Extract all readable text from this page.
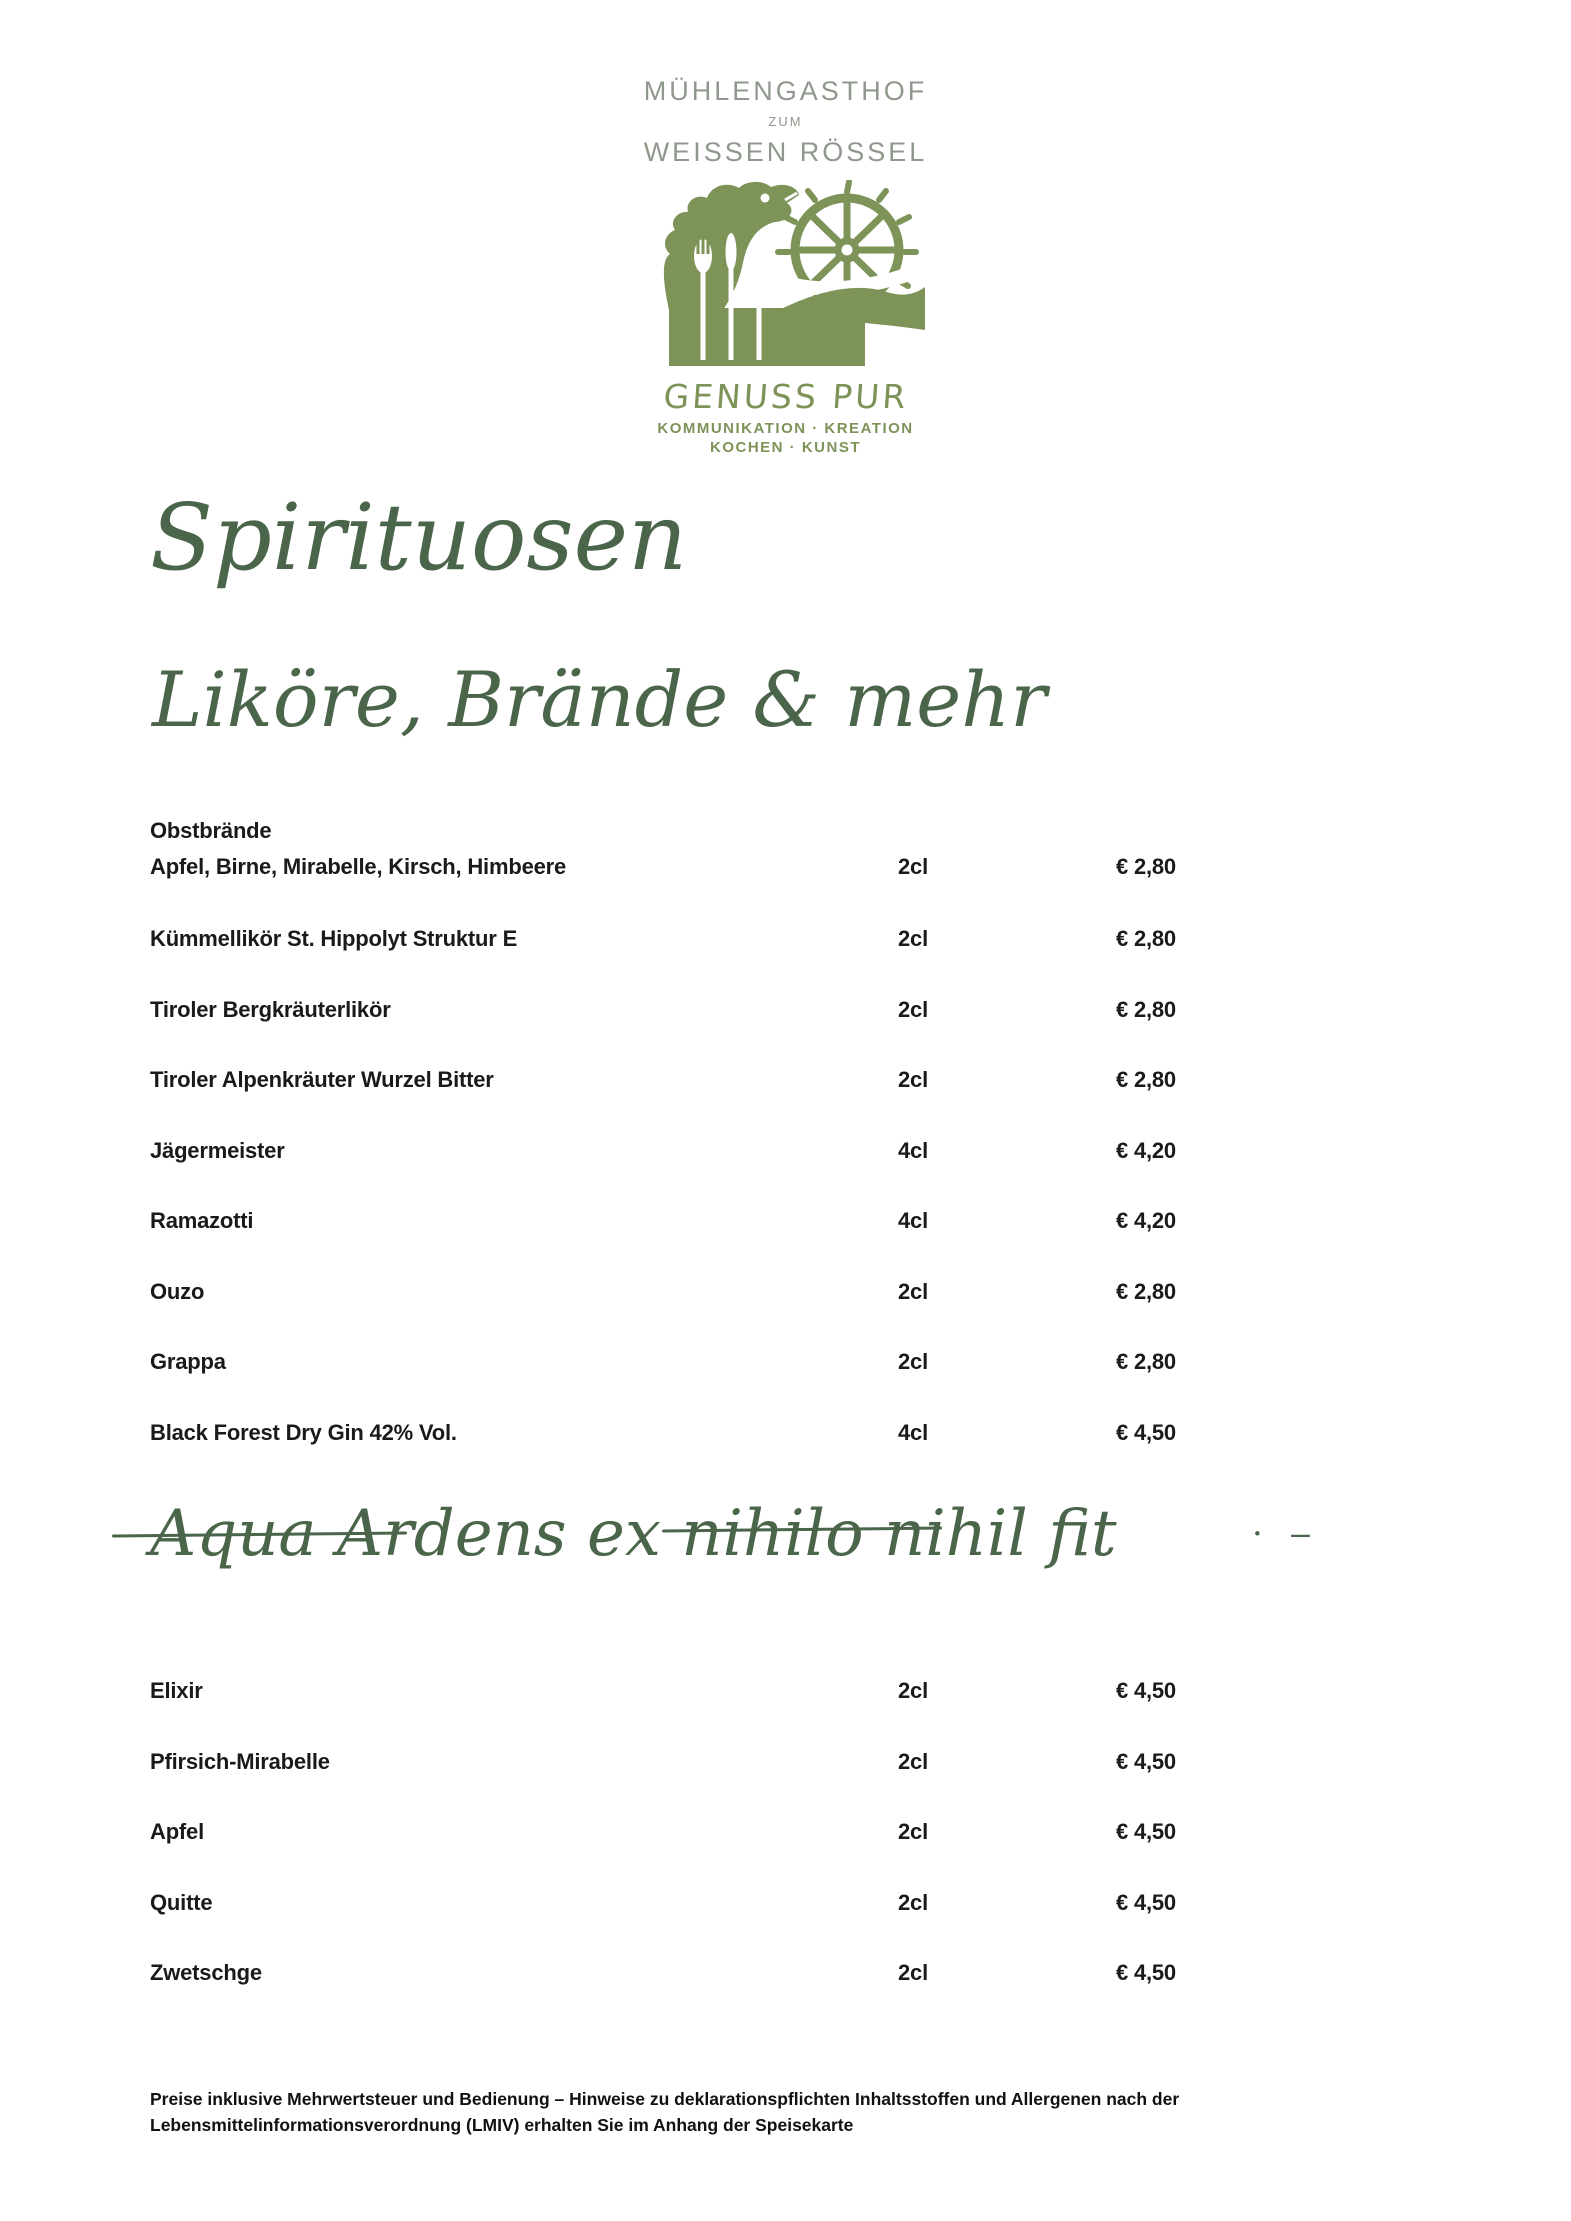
MÜHLENGASTHOF
ZUM
WEISSEN RÖSSEL
GENUSS PUR
KOMMUNIKATION · KREATION
KOCHEN · KUNST
Spirituosen
Liköre, Brände & mehr
Obstbrände
Apfel, Birne, Mirabelle, Kirsch, Himbeere	2cl	€ 2,80
Kümmellikör St. Hippolyt Struktur E	2cl	€ 2,80
Tiroler Bergkräuterlikör	2cl	€ 2,80
Tiroler Alpenkräuter Wurzel Bitter	2cl	€ 2,80
Jägermeister	4cl	€ 4,20
Ramazotti	4cl	€ 4,20
Ouzo	2cl	€ 2,80
Grappa	2cl	€ 2,80
Black Forest Dry Gin 42% Vol.	4cl	€ 4,50
Aqua Ardens ex nihilo nihil fit	· ‒
Elixir	2cl	€ 4,50
Pfirsich-Mirabelle	2cl	€ 4,50
Apfel	2cl	€ 4,50
Quitte	2cl	€ 4,50
Zwetschge	2cl	€ 4,50
Preise inklusive Mehrwertsteuer und Bedienung – Hinweise zu deklarationspflichten Inhaltsstoffen und Allergenen nach der
Lebensmittelinformationsverordnung (LMIV) erhalten Sie im Anhang der Speisekarte
